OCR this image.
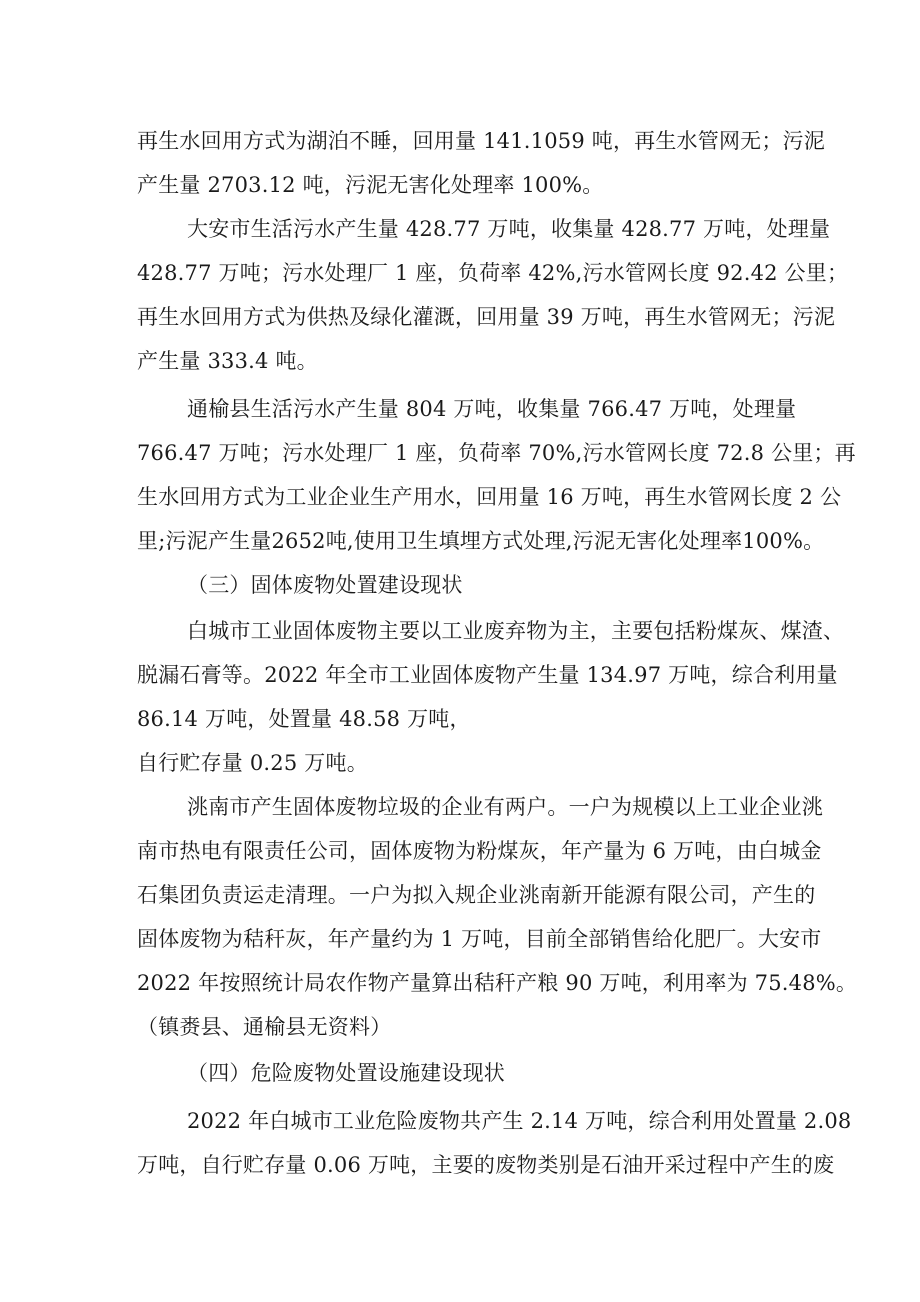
再生水回用方式为湖泊不睡，回用量 141.1059 吨，再生水管网无；污泥
产生量 2703.12 吨，污泥无害化处理率 100%。
大安市生活污水产生量 428.77 万吨，收集量 428.77 万吨，处理量
428.77 万吨；污水处理厂 1 座，负荷率 42%,污水管网长度 92.42 公里；
再生水回用方式为供热及绿化灌溉，回用量 39 万吨，再生水管网无；污泥
产生量 333.4 吨。
通榆县生活污水产生量 804 万吨，收集量 766.47 万吨，处理量
766.47 万吨；污水处理厂 1 座，负荷率 70%,污水管网长度 72.8 公里；再
生水回用方式为工业企业生产用水，回用量 16 万吨，再生水管网长度 2 公
里;污泥产生量2652吨,使用卫生填埋方式处理,污泥无害化处理率100%。
（三）固体废物处置建设现状
白城市工业固体废物主要以工业废弃物为主，主要包括粉煤灰、煤渣、
脱漏石膏等。2022 年全市工业固体废物产生量 134.97 万吨，综合利用量
86.14 万吨，处置量 48.58 万吨，
自行贮存量 0.25 万吨。
洮南市产生固体废物垃圾的企业有两户。一户为规模以上工业企业洮
南市热电有限责任公司，固体废物为粉煤灰，年产量为 6 万吨，由白城金
石集团负责运走清理。一户为拟入规企业洮南新开能源有限公司，产生的
固体废物为秸秆灰，年产量约为 1 万吨，目前全部销售给化肥厂。大安市
2022 年按照统计局农作物产量算出秸秆产粮 90 万吨，利用率为 75.48%。
（镇赉县、通榆县无资料）
（四）危险废物处置设施建设现状
2022 年白城市工业危险废物共产生 2.14 万吨，综合利用处置量 2.08
万吨，自行贮存量 0.06 万吨，主要的废物类别是石油开采过程中产生的废
